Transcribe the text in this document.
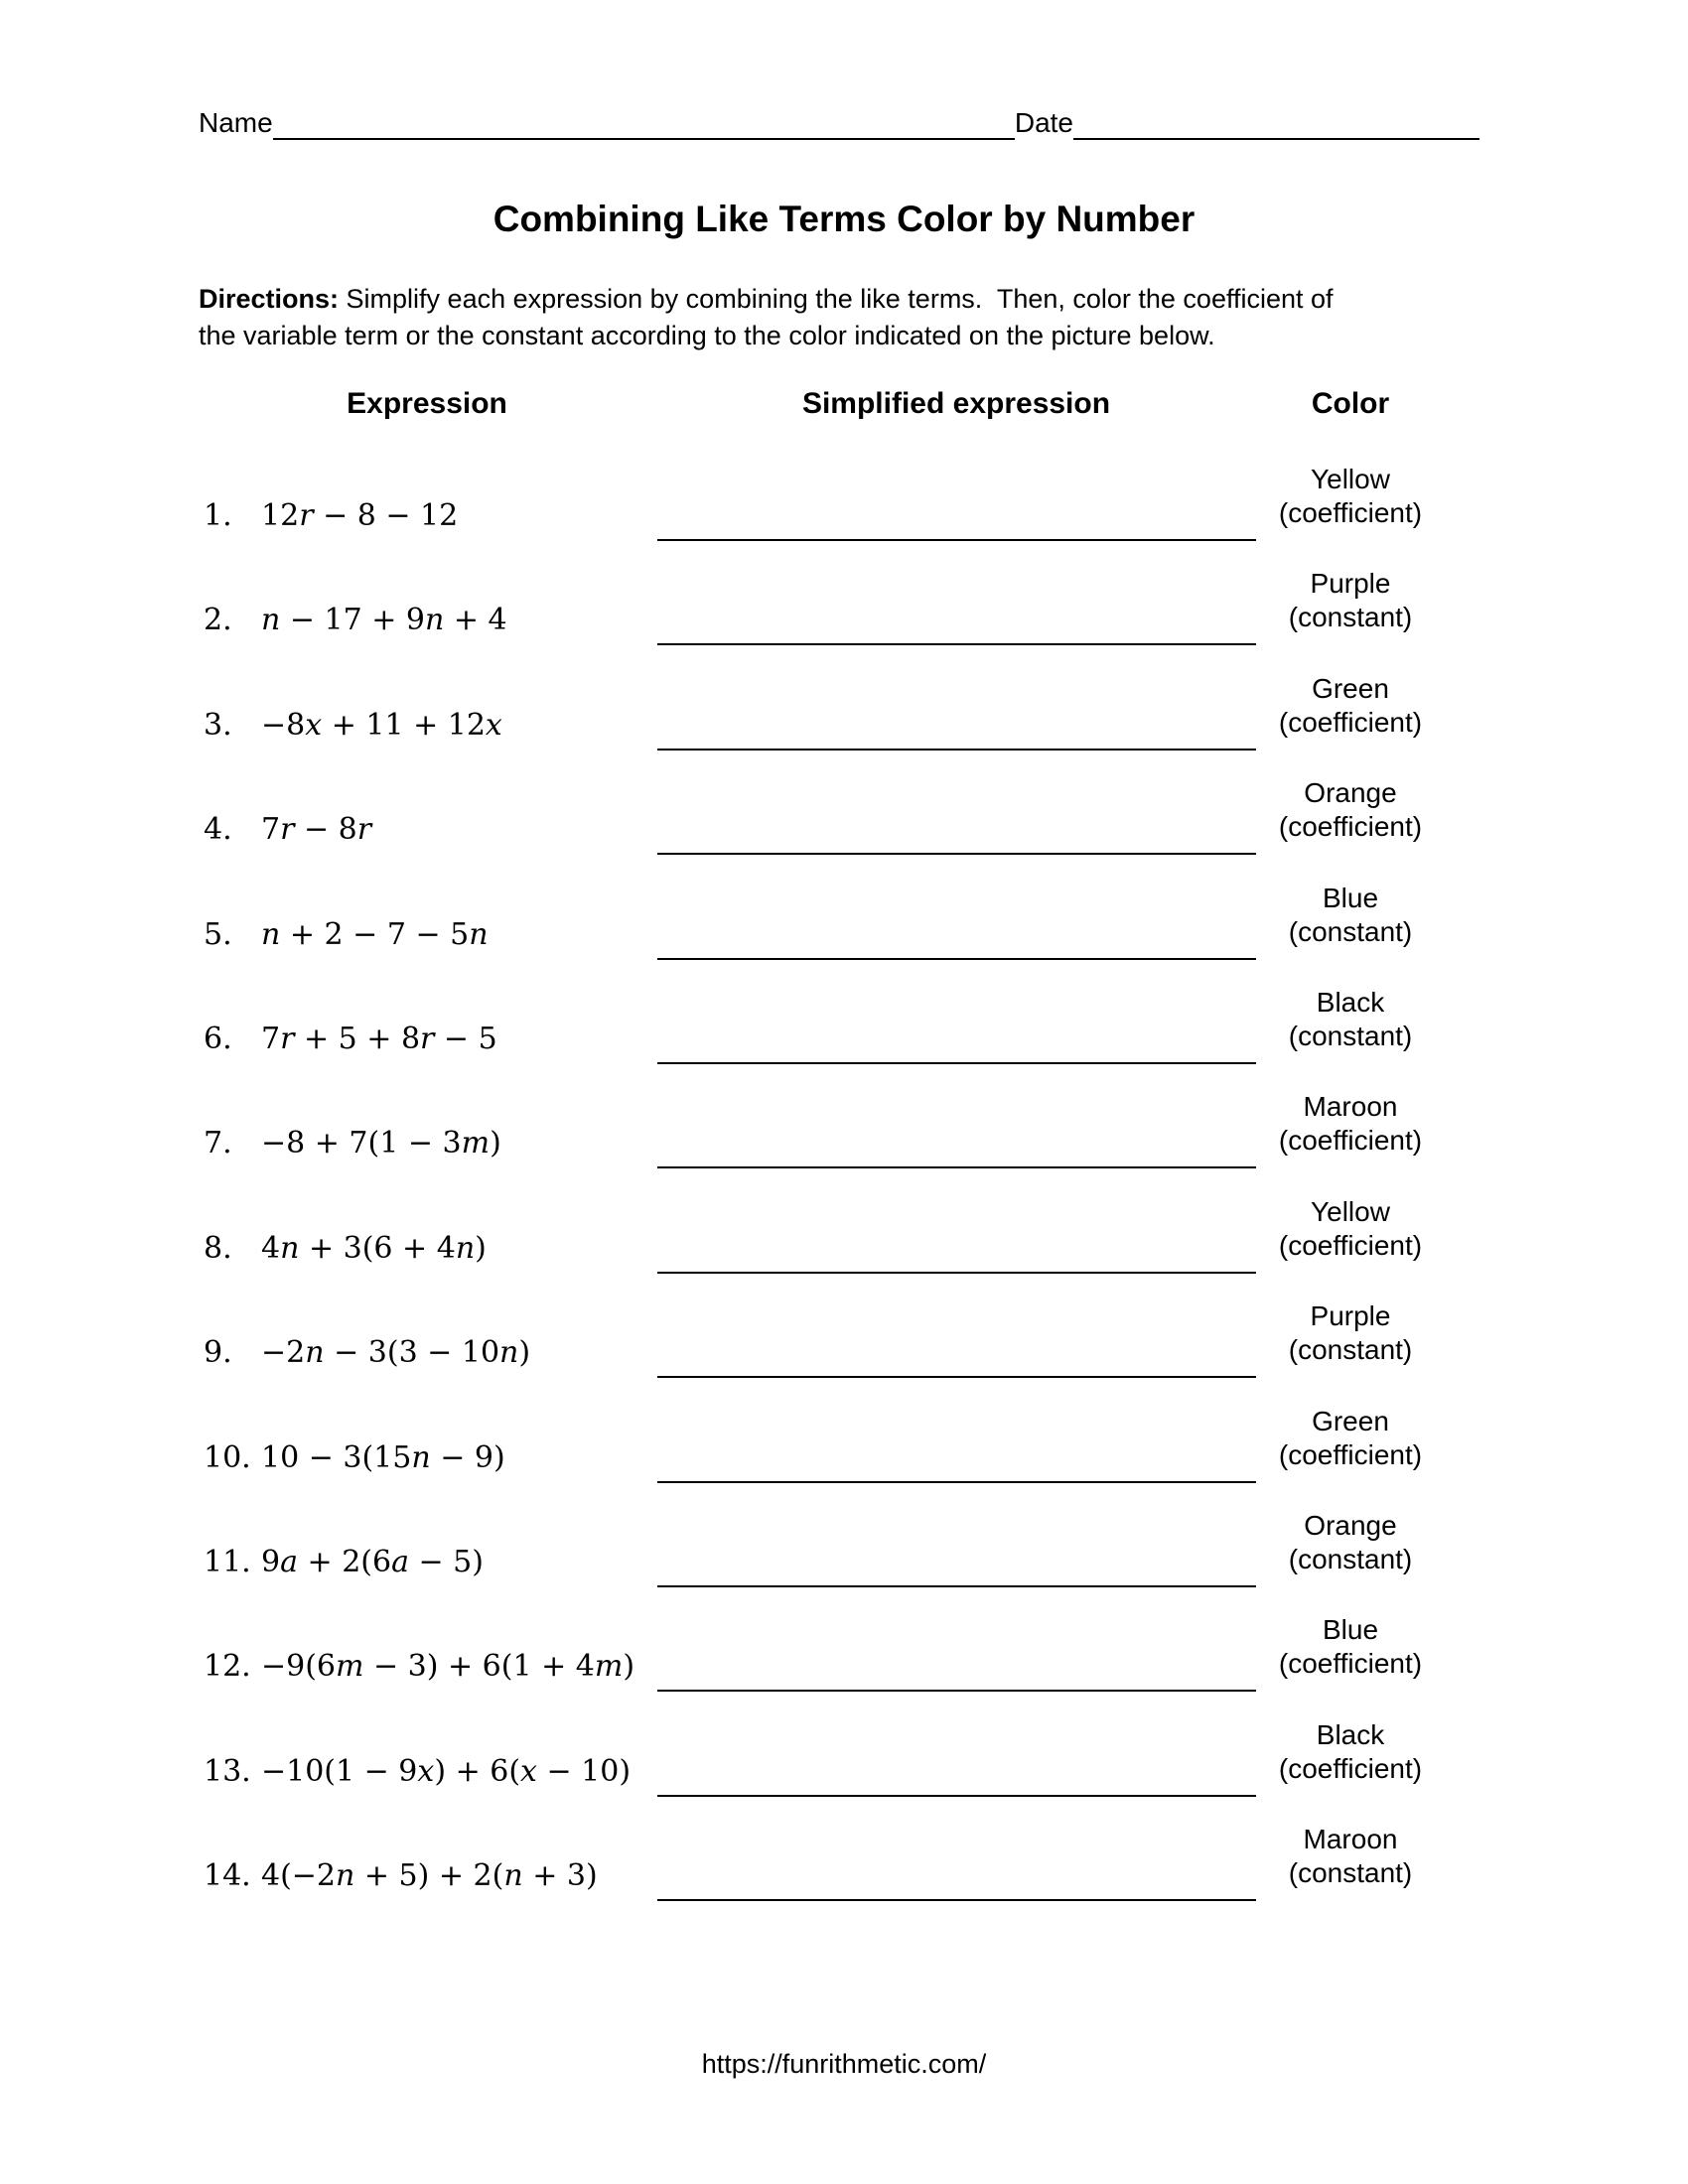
Name	Date
Combining Like Terms Color by Number
Directions: Simplify each expression by combining the like terms.  Then, color the coefficient of
the variable term or the constant according to the color indicated on the picture below.
Expression	Simplified expression	Color
1. 12r − 8 − 12
Yellow
(coefficient)
2. n − 17 + 9n + 4
Purple
(constant)
3. −8x + 11 + 12x
Green
(coefficient)
4. 7r − 8r
Orange
(coefficient)
5. n + 2 − 7 − 5n
Blue
(constant)
6. 7r + 5 + 8r − 5
Black
(constant)
7. −8 + 7(1 − 3m)
Maroon
(coefficient)
8. 4n + 3(6 + 4n)
Yellow
(coefficient)
9. −2n − 3(3 − 10n)
Purple
(constant)
10. 10 − 3(15n − 9)
Green
(coefficient)
11. 9a + 2(6a − 5)
Orange
(constant)
12. −9(6m − 3) + 6(1 + 4m)
Blue
(coefficient)
13. −10(1 − 9x) + 6(x − 10)
Black
(coefficient)
14. 4(−2n + 5) + 2(n + 3)
Maroon
(constant)
https://funrithmetic.com/
